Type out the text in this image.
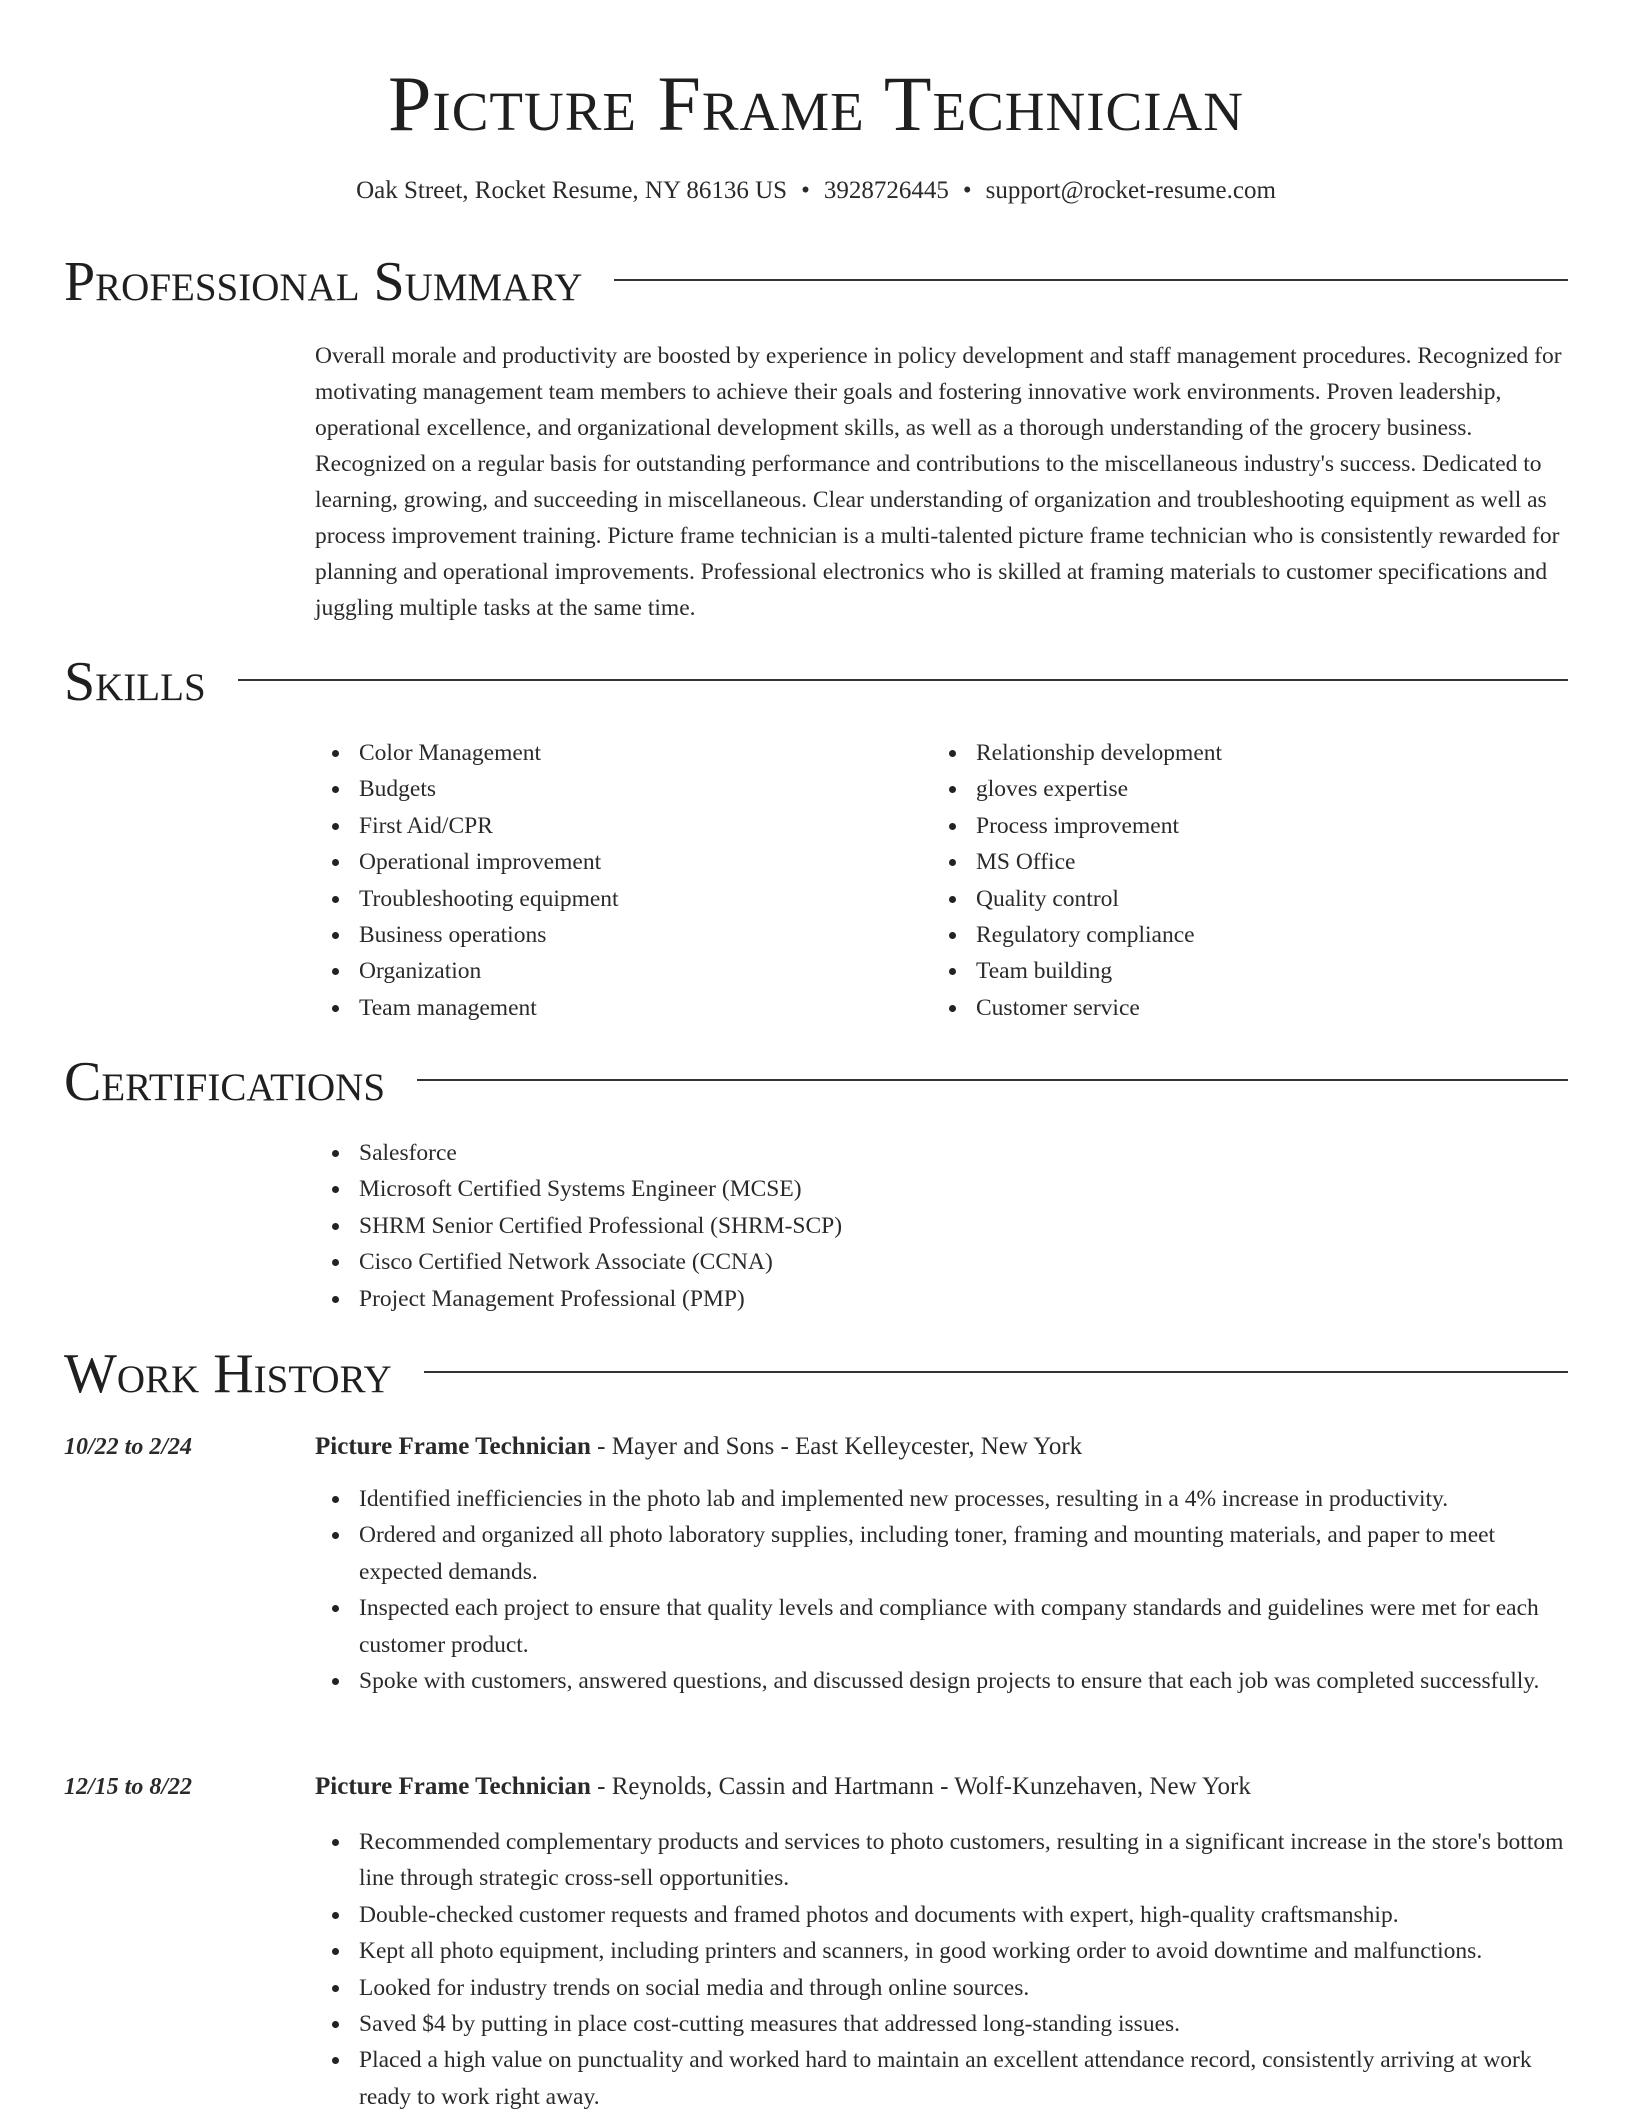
Picture Frame Technician
Oak Street, Rocket Resume, NY 86136 US • 3928726445 • support@rocket-resume.com
Professional Summary

Overall morale and productivity are boosted by experience in policy development and staff management procedures. Recognized for motivating management team members to achieve their goals and fostering innovative work environments. Proven leadership, operational excellence, and organizational development skills, as well as a thorough understanding of the grocery business. Recognized on a regular basis for outstanding performance and contributions to the miscellaneous industry's success. Dedicated to learning, growing, and succeeding in miscellaneous. Clear understanding of organization and troubleshooting equipment as well as process improvement training. Picture frame technician is a multi-talented picture frame technician who is consistently rewarded for planning and operational improvements. Professional electronics who is skilled at framing materials to customer specifications and juggling multiple tasks at the same time.

Skills
Color Management
Budgets
First Aid/CPR
Operational improvement
Troubleshooting equipment
Business operations
Organization
Team management
Relationship development
gloves expertise
Process improvement
MS Office
Quality control
Regulatory compliance
Team building
Customer service
Certifications
Salesforce
Microsoft Certified Systems Engineer (MCSE)
SHRM Senior Certified Professional (SHRM-SCP)
Cisco Certified Network Associate (CCNA)
Project Management Professional (PMP)
Work History
10/22 to 2/24	Picture Frame Technician - Mayer and Sons - East Kelleycester, New York
Identified inefficiencies in the photo lab and implemented new processes, resulting in a 4% increase in productivity.
Ordered and organized all photo laboratory supplies, including toner, framing and mounting materials, and paper to meet expected demands.
Inspected each project to ensure that quality levels and compliance with company standards and guidelines were met for each customer product.
Spoke with customers, answered questions, and discussed design projects to ensure that each job was completed successfully.
12/15 to 8/22	Picture Frame Technician - Reynolds, Cassin and Hartmann - Wolf-Kunzehaven, New York
Recommended complementary products and services to photo customers, resulting in a significant increase in the store's bottom line through strategic cross-sell opportunities.
Double-checked customer requests and framed photos and documents with expert, high-quality craftsmanship.
Kept all photo equipment, including printers and scanners, in good working order to avoid downtime and malfunctions.
Looked for industry trends on social media and through online sources.
Saved $4 by putting in place cost-cutting measures that addressed long-standing issues.
Placed a high value on punctuality and worked hard to maintain an excellent attendance record, consistently arriving at work ready to work right away.
